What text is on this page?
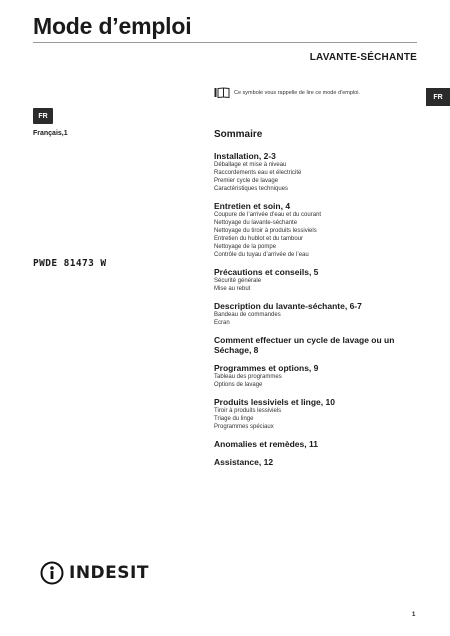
Mode d’emploi
LAVANTE-SÉCHANTE
FR
FR
Français,1
Ce symbole vous rappelle de lire ce mode d’emploi.
PWDE 81473 W
Sommaire
Installation, 2-3
Déballage et mise à niveau
Raccordements eau et électricité
Premier cycle de lavage
Caractéristiques techniques
Entretien et soin, 4
Coupure de l’arrivée d’eau et du courant
Nettoyage du lavante-séchante
Nettoyage du tiroir à produits lessiviels
Entretien du hublot et du tambour
Nettoyage de la pompe
Contrôle du tuyau d’arrivée de l’eau
Précautions et conseils, 5
Sécurité générale
Mise au rebut
Description du lavante-séchante, 6-7
Bandeau de commandes
Ecran
Comment effectuer un cycle de lavage ou un Séchage, 8
Programmes et options, 9
Tableau des programmes
Options de lavage
Produits lessiviels et linge, 10
Tiroir à produits lessiviels
Triage du linge
Programmes spéciaux
Anomalies et remèdes, 11
Assistance, 12
INDESIT
1
